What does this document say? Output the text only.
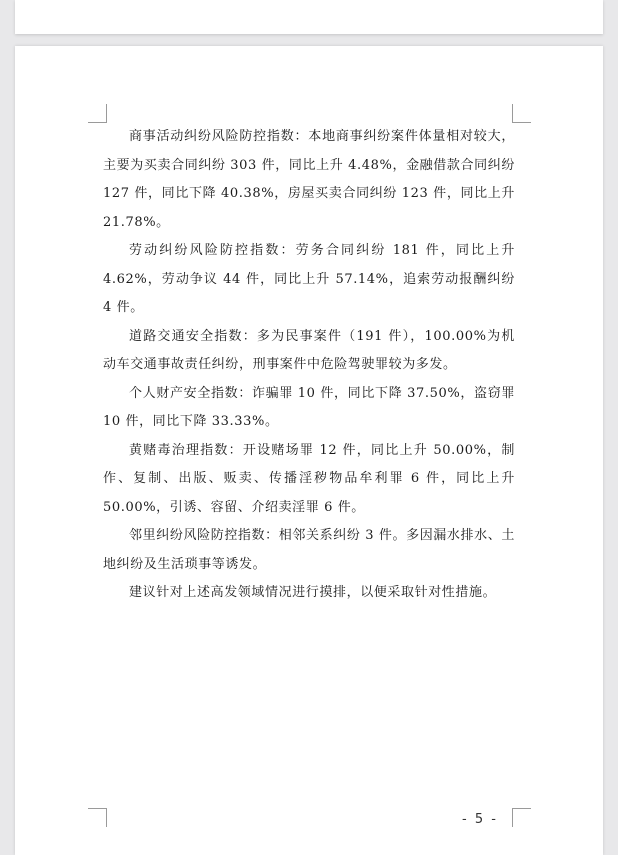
商事活动纠纷风险防控指数：本地商事纠纷案件体量相对较大，主要为买卖合同纠纷 303 件，同比上升 4.48%，金融借款合同纠纷 127 件，同比下降 40.38%，房屋买卖合同纠纷 123 件，同比上升 21.78%。

劳动纠纷风险防控指数：劳务合同纠纷 181 件，同比上升 4.62%，劳动争议 44 件，同比上升 57.14%，追索劳动报酬纠纷 4 件。

道路交通安全指数：多为民事案件（191 件），100.00%为机动车交通事故责任纠纷，刑事案件中危险驾驶罪较为多发。

个人财产安全指数：诈骗罪 10 件，同比下降 37.50%，盗窃罪 10 件，同比下降 33.33%。

黄赌毒治理指数：开设赌场罪 12 件，同比上升 50.00%，制作、复制、出版、贩卖、传播淫秽物品牟利罪 6 件，同比上升 50.00%，引诱、容留、介绍卖淫罪 6 件。

邻里纠纷风险防控指数：相邻关系纠纷 3 件。多因漏水排水、土地纠纷及生活琐事等诱发。

建议针对上述高发领域情况进行摸排，以便采取针对性措施。

- 5 -
